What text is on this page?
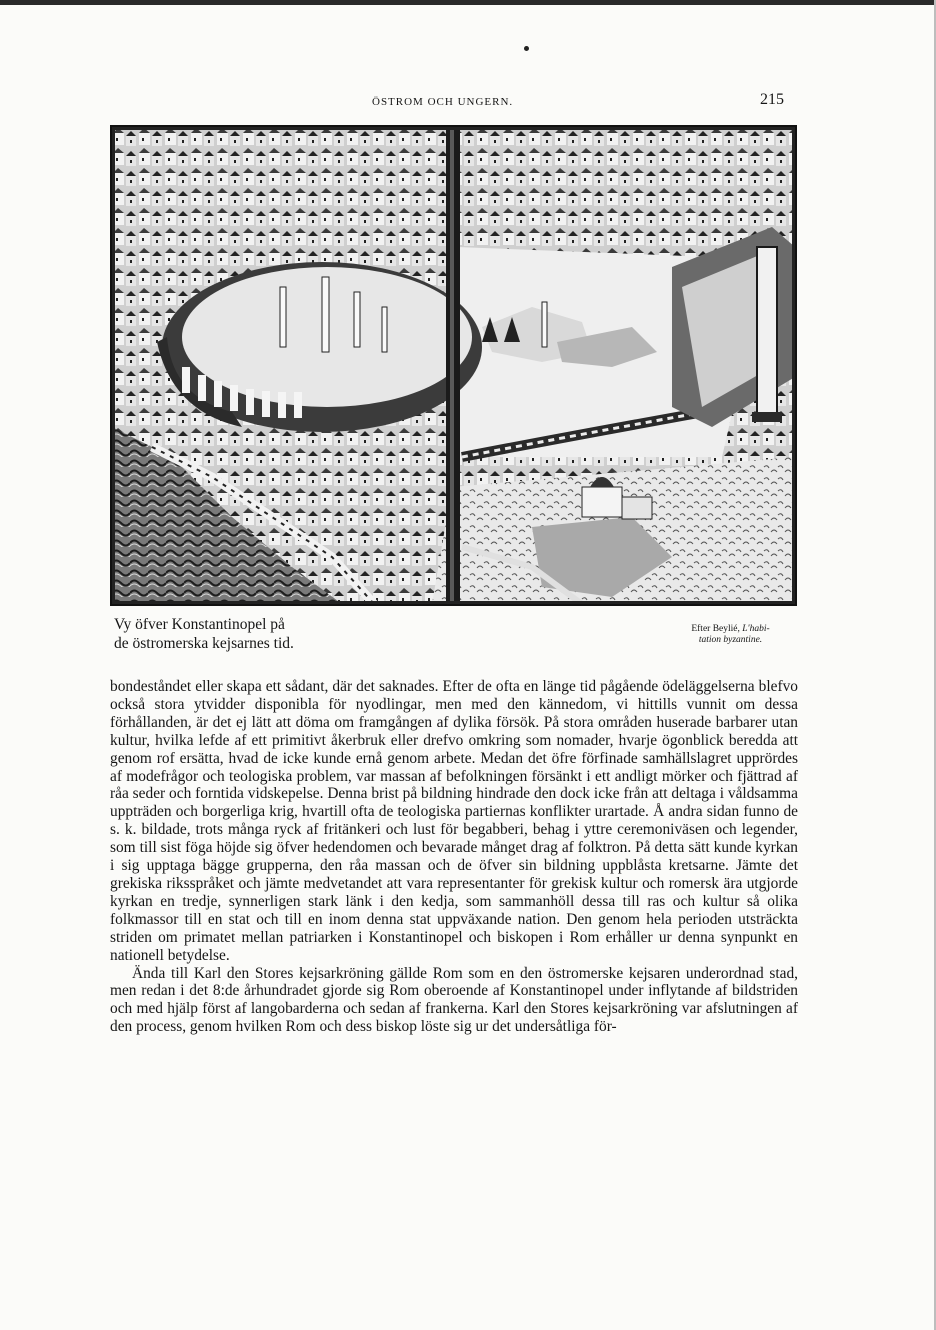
ÖSTROM OCH UNGERN.	215
Vy öfver Konstantinopel på
de östromerska kejsarnes tid.
Efter Beylié, L'habi-
tation byzantine.

bondeståndet eller skapa ett sådant, där det saknades. Efter de ofta en länge tid pågående ödeläggelserna blefvo också stora ytvidder disponibla för nyodlingar, men med den kännedom, vi hittills vunnit om dessa förhållanden, är det ej lätt att döma om framgången af dylika försök. På stora områden huserade barbarer utan kultur, hvilka lefde af ett primitivt åkerbruk eller drefvo omkring som nomader, hvarje ögonblick beredda att genom rof ersätta, hvad de icke kunde ernå genom arbete. Medan det öfre förfinade samhällslagret upprördes af modefrågor och teologiska problem, var massan af befolkningen försänkt i ett andligt mörker och fjättrad af råa seder och forntida vidskepelse. Denna brist på bildning hindrade den dock icke från att deltaga i våldsamma uppträden och borgerliga krig, hvartill ofta de teologiska partiernas konflikter urartade. Å andra sidan funno de s. k. bildade, trots många ryck af fritänkeri och lust för begabberi, behag i yttre ceremoniväsen och legender, som till sist föga höjde sig öfver hedendomen och bevarade månget drag af folktron. På detta sätt kunde kyrkan i sig upptaga bägge grupperna, den råa massan och de öfver sin bildning uppblåsta kretsarne. Jämte det grekiska riksspråket och jämte medvetandet att vara representanter för grekisk kultur och romersk ära utgjorde kyrkan en tredje, synnerligen stark länk i den kedja, som sammanhöll dessa till ras och kultur så olika folkmassor till en stat och till en inom denna stat uppväxande nation. Den genom hela perioden utsträckta striden om primatet mellan patriarken i Konstantinopel och biskopen i Rom erhåller ur denna synpunkt en nationell betydelse.

Ända till Karl den Stores kejsarkröning gällde Rom som en den östromerske kejsaren underordnad stad, men redan i det 8:de århundradet gjorde sig Rom oberoende af Konstantinopel under inflytande af bildstriden och med hjälp först af langobarderna och sedan af frankerna. Karl den Stores kejsarkröning var afslutningen af den process, genom hvilken Rom och dess biskop löste sig ur det undersåtliga för-
